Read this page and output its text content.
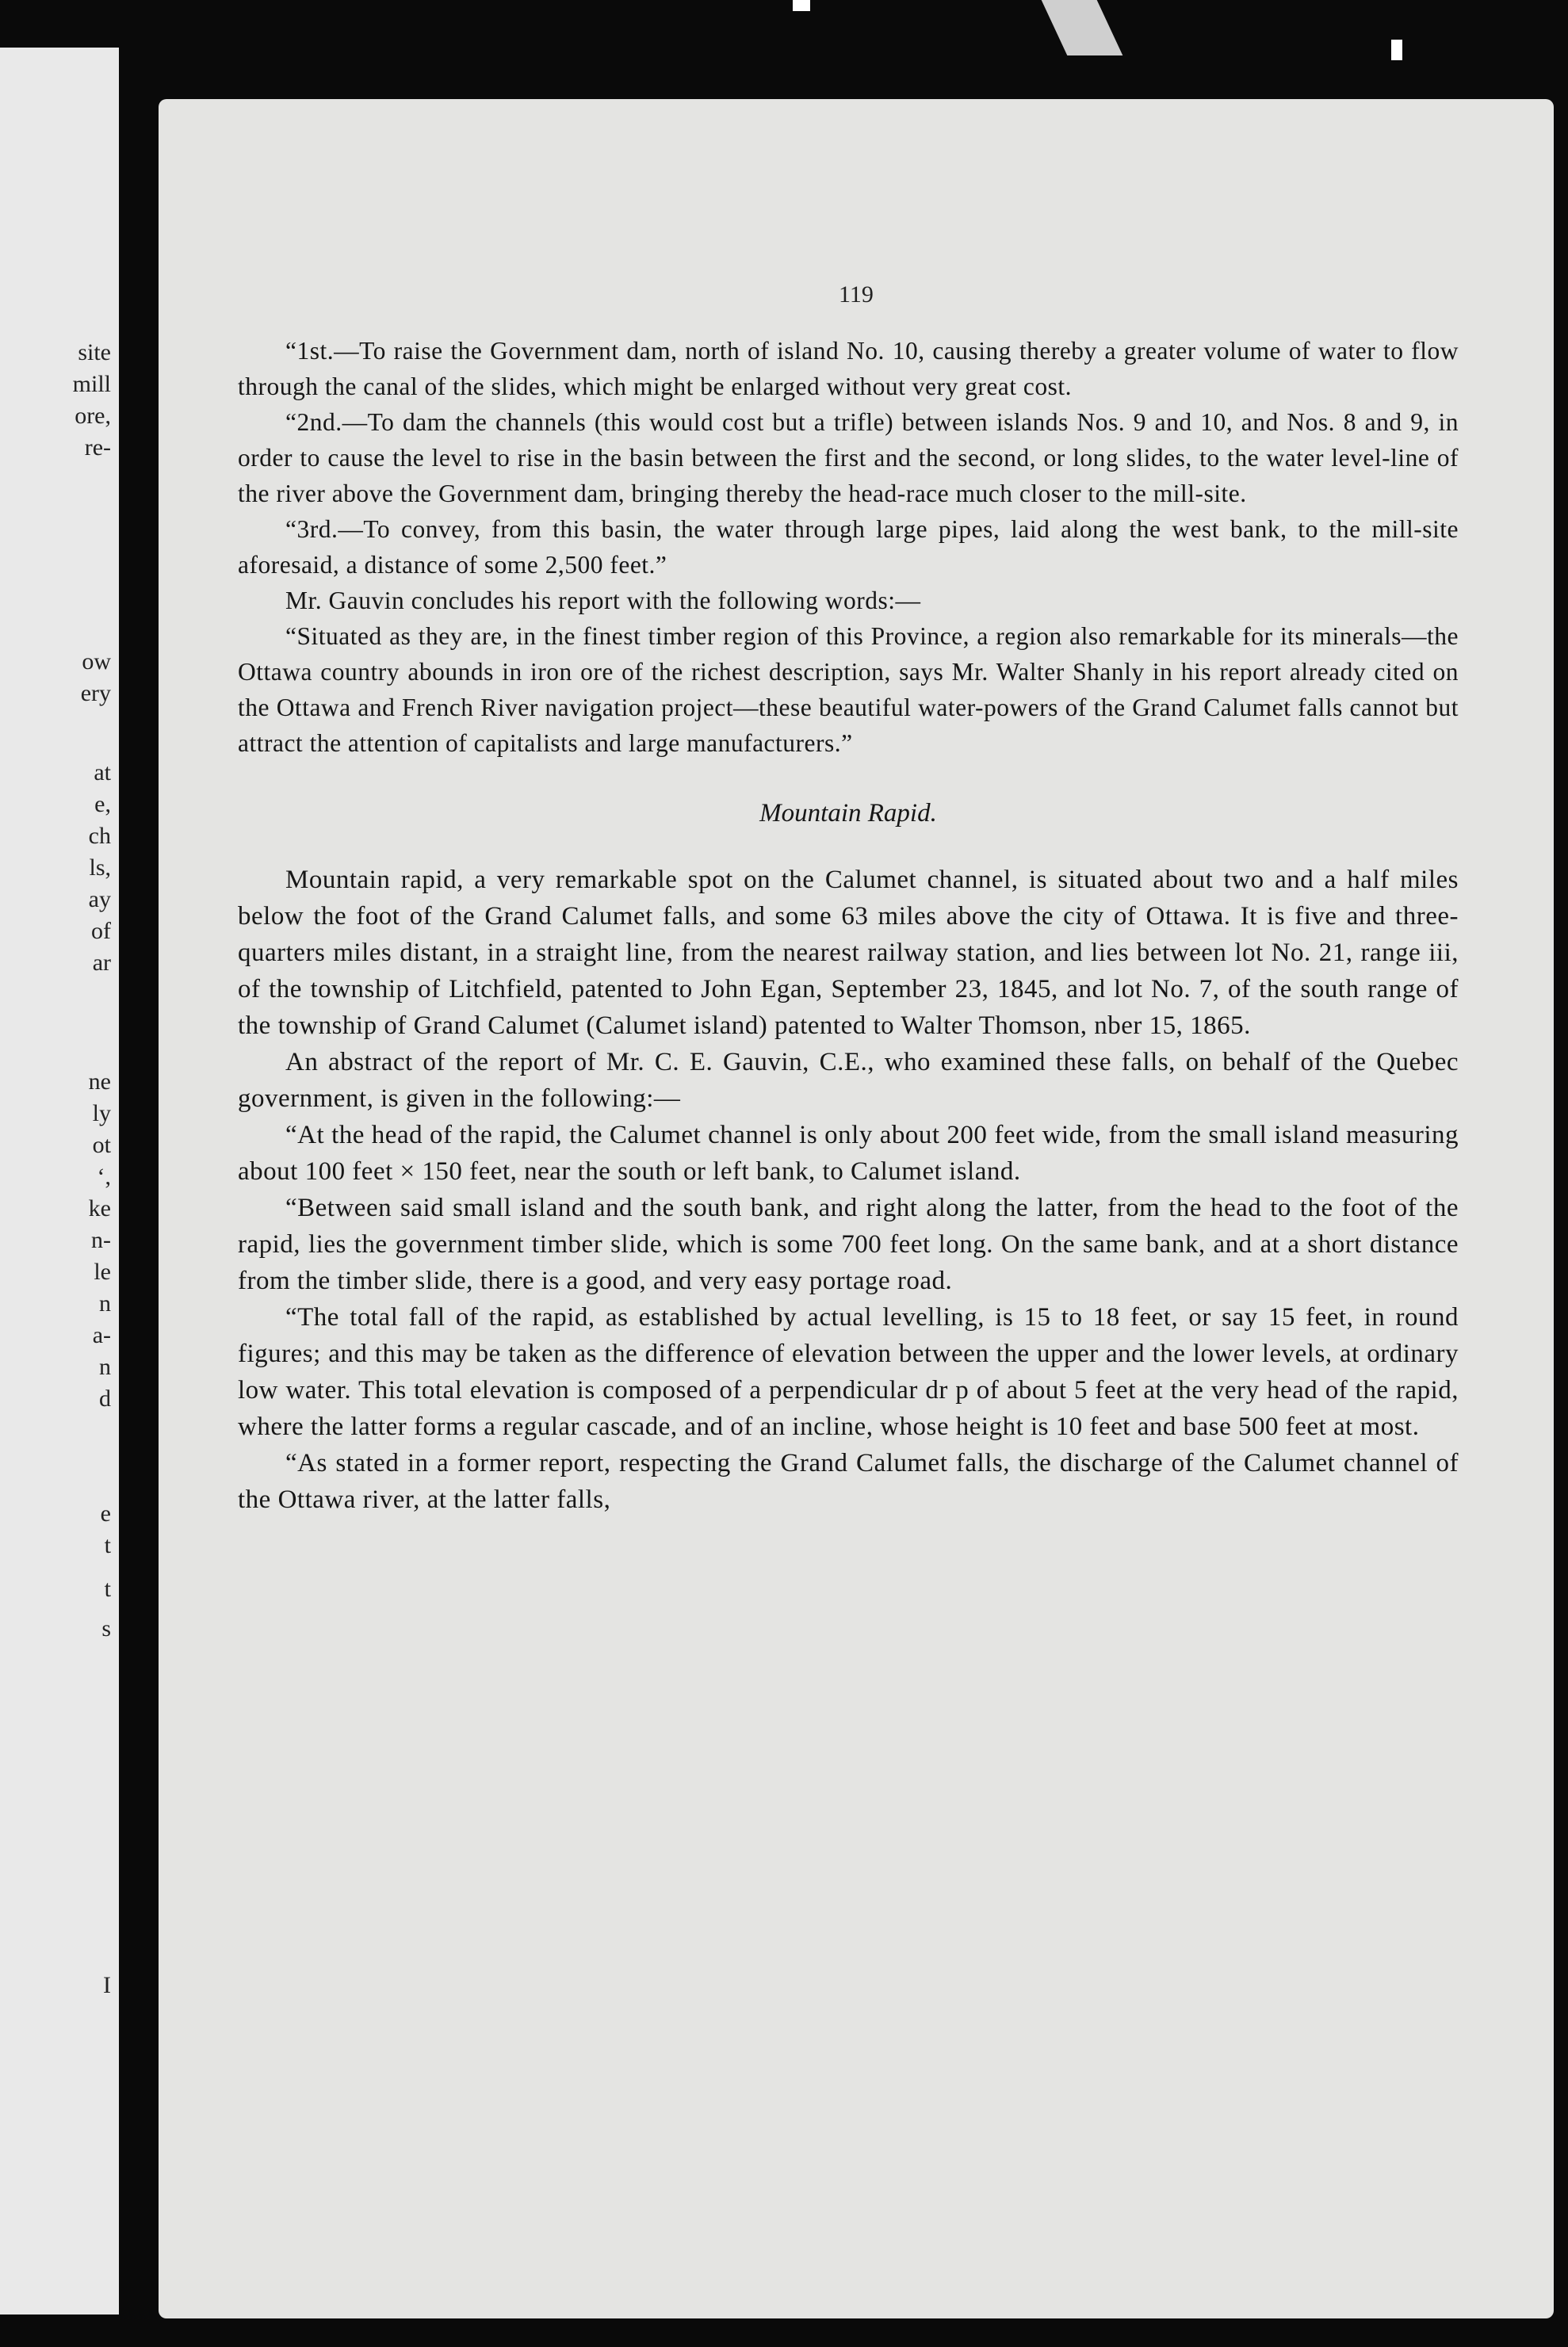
site
mill
ore,
re-
ow
ery
at
e,
ch
ls,
ay
of
ar
ne
ly
ot
‘,
ke
n-
le
n
a-
n
d
e
t
t
s
I
119

“1st.—To raise the Government dam, north of island No. 10, causing thereby a greater volume of water to flow through the canal of the slides, which might be enlarged without very great cost.

“2nd.—To dam the channels (this would cost but a trifle) between islands Nos. 9 and 10, and Nos. 8 and 9, in order to cause the level to rise in the basin between the first and the second, or long slides, to the water level-line of the river above the Government dam, bringing thereby the head-race much closer to the mill-site.

“3rd.—To convey, from this basin, the water through large pipes, laid along the west bank, to the mill-site aforesaid, a distance of some 2,500 feet.”

Mr. Gauvin concludes his report with the following words:—

“Situated as they are, in the finest timber region of this Province, a region also remarkable for its minerals—the Ottawa country abounds in iron ore of the richest description, says Mr. Walter Shanly in his report already cited on the Ottawa and French River navigation project—these beautiful water-powers of the Grand Calumet falls cannot but attract the attention of capitalists and large manufacturers.”

Mountain Rapid.

Mountain rapid, a very remarkable spot on the Calumet channel, is situated about two and a half miles below the foot of the Grand Calumet falls, and some 63 miles above the city of Ottawa. It is five and three-quarters miles distant, in a straight line, from the nearest railway station, and lies between lot No. 21, range iii, of the township of Litchfield, patented to John Egan, September 23, 1845, and lot No. 7, of the south range of the township of Grand Calumet (Calumet island) patented to Walter Thomson, nber 15, 1865.

An abstract of the report of Mr. C. E. Gauvin, C.E., who examined these falls, on behalf of the Quebec government, is given in the following:—

“At the head of the rapid, the Calumet channel is only about 200 feet wide, from the small island measuring about 100 feet × 150 feet, near the south or left bank, to Calumet island.

“Between said small island and the south bank, and right along the latter, from the head to the foot of the rapid, lies the government timber slide, which is some 700 feet long. On the same bank, and at a short distance from the timber slide, there is a good, and very easy portage road.

“The total fall of the rapid, as established by actual levelling, is 15 to 18 feet, or say 15 feet, in round figures; and this may be taken as the difference of elevation between the upper and the lower levels, at ordinary low water. This total elevation is composed of a perpendicular dr p of about 5 feet at the very head of the rapid, where the latter forms a regular cascade, and of an incline, whose height is 10 feet and base 500 feet at most.

“As stated in a former report, respecting the Grand Calumet falls, the discharge of the Calumet channel of the Ottawa river, at the latter falls,
